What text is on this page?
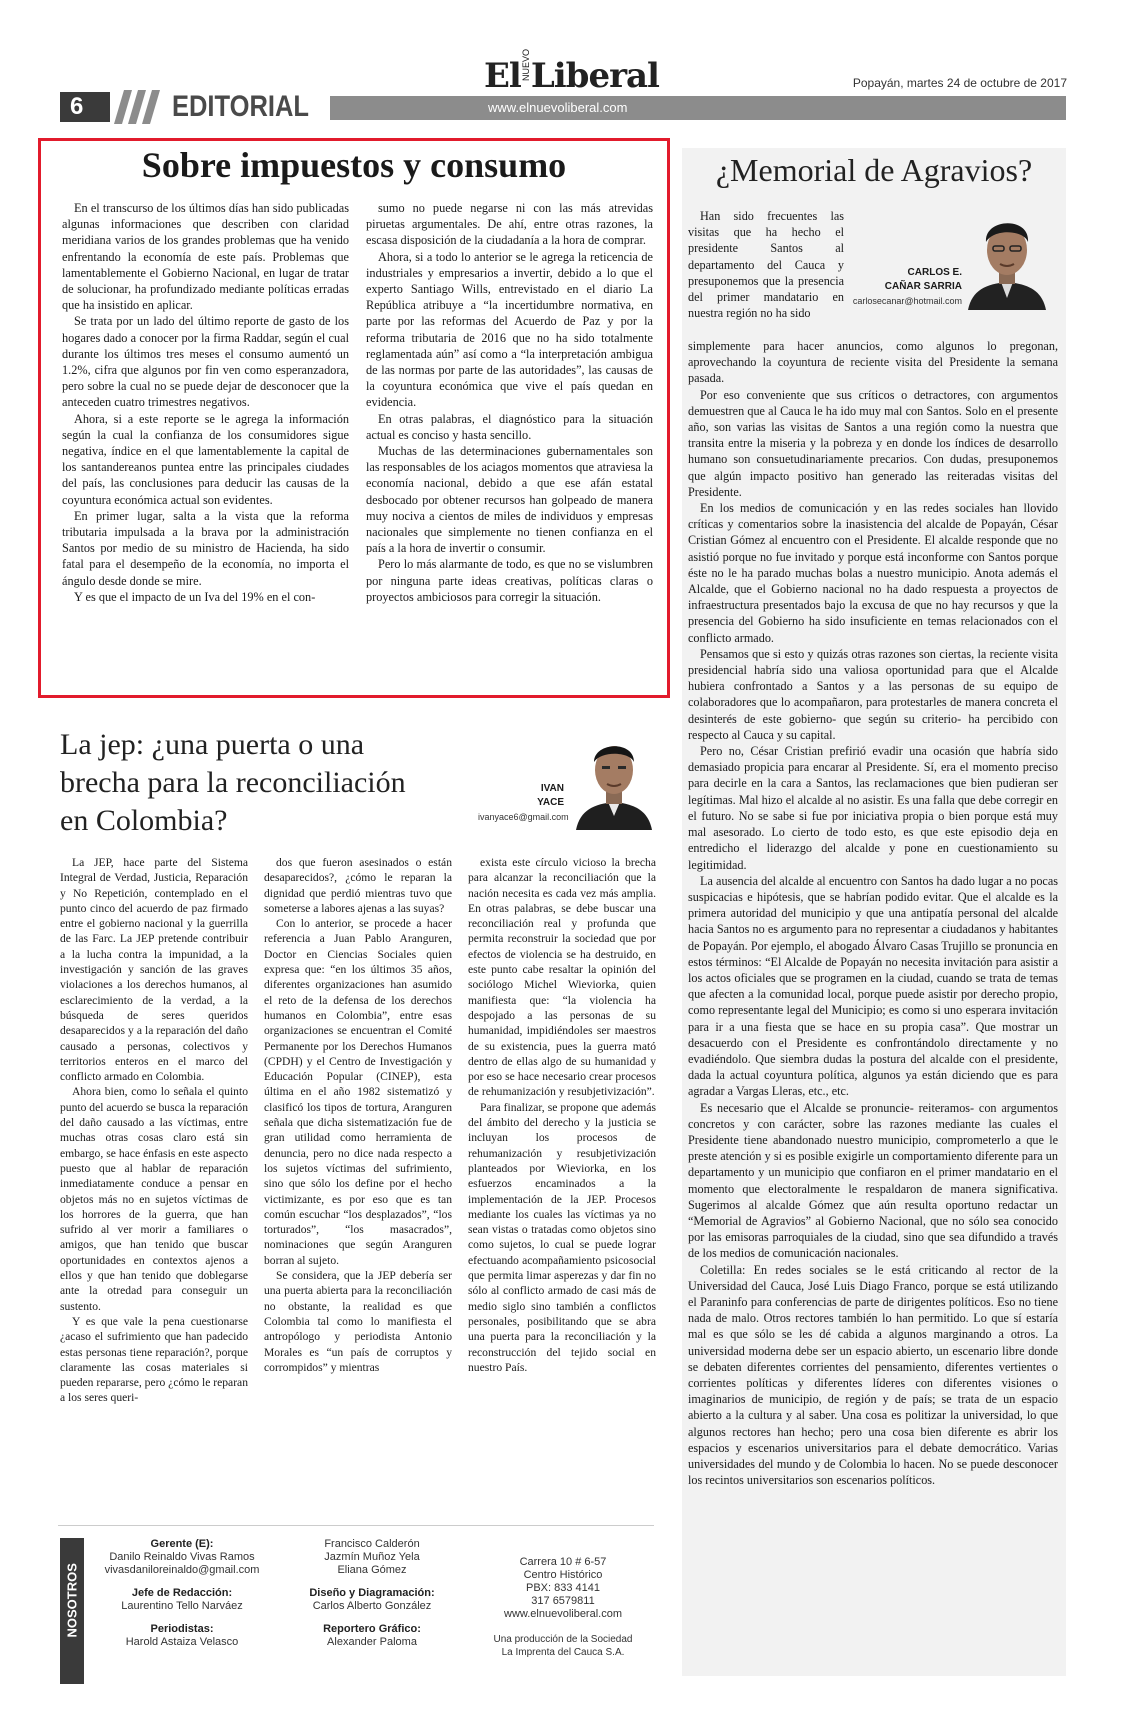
ElNUEVOLiberal	Popayán, martes 24 de octubre de 2017
6	EDITORIAL	www.elnuevoliberal.com
Sobre impuestos y consumo

En el transcurso de los últimos días han sido publicadas algunas informaciones que describen con claridad meridiana varios de los grandes problemas que ha venido enfrentando la economía de este país. Problemas que lamentablemente el Gobierno Nacional, en lugar de tratar de solucionar, ha profundizado mediante políticas erradas que ha insistido en aplicar.

Se trata por un lado del último reporte de gasto de los hogares dado a conocer por la firma Raddar, según el cual durante los últimos tres meses el consumo aumentó un 1.2%, cifra que algunos por fin ven como esperanzadora, pero sobre la cual no se puede dejar de desconocer que la anteceden cuatro trimestres negativos.

Ahora, si a este reporte se le agrega la información según la cual la confianza de los consumidores sigue negativa, índice en el que lamentablemente la capital de los santandereanos puntea entre las principales ciudades del país, las conclusiones para deducir las causas de la coyuntura económica actual son evidentes.

En primer lugar, salta a la vista que la reforma tributaria impulsada a la brava por la administración Santos por medio de su ministro de Hacienda, ha sido fatal para el desempeño de la economía, no importa el ángulo desde donde se mire.

Y es que el impacto de un Iva del 19% en el con-

sumo no puede negarse ni con las más atrevidas piruetas argumentales. De ahí, entre otras razones, la escasa disposición de la ciudadanía a la hora de comprar.

Ahora, si a todo lo anterior se le agrega la reticencia de industriales y empresarios a invertir, debido a lo que el experto Santiago Wills, entrevistado en el diario La República atribuye a “la incertidumbre normativa, en parte por las reformas del Acuerdo de Paz y por la reforma tributaria de 2016 que no ha sido totalmente reglamentada aún” así como a “la interpretación ambigua de las normas por parte de las autoridades”, las causas de la coyuntura económica que vive el país quedan en evidencia.

En otras palabras, el diagnóstico para la situación actual es conciso y hasta sencillo.

Muchas de las determinaciones gubernamentales son las responsables de los aciagos momentos que atraviesa la economía nacional, debido a que ese afán estatal desbocado por obtener recursos han golpeado de manera muy nociva a cientos de miles de individuos y empresas nacionales que simplemente no tienen confianza en el país a la hora de invertir o consumir.

Pero lo más alarmante de todo, es que no se vislumbren por ninguna parte ideas creativas, políticas claras o proyectos ambiciosos para corregir la situación.

La jep: ¿una puerta o una
brecha para la reconciliación
en Colombia?
IVAN
YACE
ivanyace6@gmail.com

La JEP, hace parte del Sistema Integral de Verdad, Justicia, Reparación y No Repetición, contemplado en el punto cinco del acuerdo de paz firmado entre el gobierno nacional y la guerrilla de las Farc. La JEP pretende contribuir a la lucha contra la impunidad, a la investigación y sanción de las graves violaciones a los derechos humanos, al esclarecimiento de la verdad, a la búsqueda de seres queridos desaparecidos y a la reparación del daño causado a personas, colectivos y territorios enteros en el marco del conflicto armado en Colombia.

Ahora bien, como lo señala el quinto punto del acuerdo se busca la reparación del daño causado a las víctimas, entre muchas otras cosas claro está sin embargo, se hace énfasis en este aspecto puesto que al hablar de reparación inmediatamente conduce a pensar en objetos más no en sujetos víctimas de los horrores de la guerra, que han sufrido al ver morir a familiares o amigos, que han tenido que buscar oportunidades en contextos ajenos a ellos y que han tenido que doblegarse ante la otredad para conseguir un sustento.

Y es que vale la pena cuestionarse ¿acaso el sufrimiento que han padecido estas personas tiene reparación?, porque claramente las cosas materiales si pueden repararse, pero ¿cómo le reparan a los seres queri-

dos que fueron asesinados o están desaparecidos?, ¿cómo le reparan la dignidad que perdió mientras tuvo que someterse a labores ajenas a las suyas?

Con lo anterior, se procede a hacer referencia a Juan Pablo Aranguren, Doctor en Ciencias Sociales quien expresa que: “en los últimos 35 años, diferentes organizaciones han asumido el reto de la defensa de los derechos humanos en Colombia”, entre esas organizaciones se encuentran el Comité Permanente por los Derechos Humanos (CPDH) y el Centro de Investigación y Educación Popular (CINEP), esta última en el año 1982 sistematizó y clasificó los tipos de tortura, Aranguren señala que dicha sistematización fue de gran utilidad como herramienta de denuncia, pero no dice nada respecto a los sujetos víctimas del sufrimiento, sino que sólo los define por el hecho victimizante, es por eso que es tan común escuchar “los desplazados”, “los torturados”, “los masacrados”, nominaciones que según Aranguren borran al sujeto.

Se considera, que la JEP debería ser una puerta abierta para la reconciliación no obstante, la realidad es que Colombia tal como lo manifiesta el antropólogo y periodista Antonio Morales es “un país de corruptos y corrompidos” y mientras

exista este círculo vicioso la brecha para alcanzar la reconciliación que la nación necesita es cada vez más amplia. En otras palabras, se debe buscar una reconciliación real y profunda que permita reconstruir la sociedad que por efectos de violencia se ha destruido, en este punto cabe resaltar la opinión del sociólogo Michel Wieviorka, quien manifiesta que: “la violencia ha despojado a las personas de su humanidad, impidiéndoles ser maestros de su existencia, pues la guerra mató dentro de ellas algo de su humanidad y por eso se hace necesario crear procesos de rehumanización y resubjetivización”.

Para finalizar, se propone que además del ámbito del derecho y la justicia se incluyan los procesos de rehumanización y resubjetivización planteados por Wieviorka, en los esfuerzos encaminados a la implementación de la JEP. Procesos mediante los cuales las víctimas ya no sean vistas o tratadas como objetos sino como sujetos, lo cual se puede lograr efectuando acompañamiento psicosocial que permita limar asperezas y dar fin no sólo al conflicto armado de casi más de medio siglo sino también a conflictos personales, posibilitando que se abra una puerta para la reconciliación y la reconstrucción del tejido social en nuestro País.

¿Memorial de Agravios?

Han sido frecuentes las visitas que ha hecho el presidente Santos al departamento del Cauca y presuponemos que la presencia del primer mandatario en nuestra región no ha sido

CARLOS E.
CAÑAR SARRIA
carlosecanar@hotmail.com

simplemente para hacer anuncios, como algunos lo pregonan, aprovechando la coyuntura de reciente visita del Presidente la semana pasada.

Por eso conveniente que sus críticos o detractores, con argumentos demuestren que al Cauca le ha ido muy mal con Santos. Solo en el presente año, son varias las visitas de Santos a una región como la nuestra que transita entre la miseria y la pobreza y en donde los índices de desarrollo humano son consuetudinariamente precarios. Con dudas, presuponemos que algún impacto positivo han generado las reiteradas visitas del Presidente.

En los medios de comunicación y en las redes sociales han llovido críticas y comentarios sobre la inasistencia del alcalde de Popayán, César Cristian Gómez al encuentro con el Presidente. El alcalde responde que no asistió porque no fue invitado y porque está inconforme con Santos porque éste no le ha parado muchas bolas a nuestro municipio. Anota además el Alcalde, que el Gobierno nacional no ha dado respuesta a proyectos de infraestructura presentados bajo la excusa de que no hay recursos y que la presencia del Gobierno ha sido insuficiente en temas relacionados con el conflicto armado.

Pensamos que si esto y quizás otras razones son ciertas, la reciente visita presidencial habría sido una valiosa oportunidad para que el Alcalde hubiera confrontado a Santos y a las personas de su equipo de colaboradores que lo acompañaron, para protestarles de manera concreta el desinterés de este gobierno- que según su criterio- ha percibido con respecto al Cauca y su capital.

Pero no, César Cristian prefirió evadir una ocasión que habría sido demasiado propicia para encarar al Presidente. Sí, era el momento preciso para decirle en la cara a Santos, las reclamaciones que bien pudieran ser legítimas. Mal hizo el alcalde al no asistir. Es una falla que debe corregir en el futuro. No se sabe si fue por iniciativa propia o bien porque está muy mal asesorado. Lo cierto de todo esto, es que este episodio deja en entredicho el liderazgo del alcalde y pone en cuestionamiento su legitimidad.

La ausencia del alcalde al encuentro con Santos ha dado lugar a no pocas suspicacias e hipótesis, que se habrían podido evitar. Que el alcalde es la primera autoridad del municipio y que una antipatía personal del alcalde hacia Santos no es argumento para no representar a ciudadanos y habitantes de Popayán. Por ejemplo, el abogado Álvaro Casas Trujillo se pronuncia en estos términos: “El Alcalde de Popayán no necesita invitación para asistir a los actos oficiales que se programen en la ciudad, cuando se trata de temas que afecten a la comunidad local, porque puede asistir por derecho propio, como representante legal del Municipio; es como si uno esperara invitación para ir a una fiesta que se hace en su propia casa”. Que mostrar un desacuerdo con el Presidente es confrontándolo directamente y no evadiéndolo. Que siembra dudas la postura del alcalde con el presidente, dada la actual coyuntura política, algunos ya están diciendo que es para agradar a Vargas Lleras, etc., etc.

Es necesario que el Alcalde se pronuncie- reiteramos- con argumentos concretos y con carácter, sobre las razones mediante las cuales el Presidente tiene abandonado nuestro municipio, comprometerlo a que le preste atención y si es posible exigirle un comportamiento diferente para un departamento y un municipio que confiaron en el primer mandatario en el momento que electoralmente le respaldaron de manera significativa. Sugerimos al alcalde Gómez que aún resulta oportuno redactar un “Memorial de Agravios” al Gobierno Nacional, que no sólo sea conocido por las emisoras parroquiales de la ciudad, sino que sea difundido a través de los medios de comunicación nacionales.

Coletilla: En redes sociales se le está criticando al rector de la Universidad del Cauca, José Luis Diago Franco, porque se está utilizando el Paraninfo para conferencias de parte de dirigentes políticos. Eso no tiene nada de malo. Otros rectores también lo han permitido. Lo que sí estaría mal es que sólo se les dé cabida a algunos marginando a otros. La universidad moderna debe ser un espacio abierto, un escenario libre donde se debaten diferentes corrientes del pensamiento, diferentes vertientes o corrientes políticas y diferentes líderes con diferentes visiones o imaginarios de municipio, de región y de país; se trata de un espacio abierto a la cultura y al saber. Una cosa es politizar la universidad, lo que algunos rectores han hecho; pero una cosa bien diferente es abrir los espacios y escenarios universitarios para el debate democrático. Varias universidades del mundo y de Colombia lo hacen. No se puede desconocer los recintos universitarios son escenarios políticos.

NOSOTROS
Gerente (E):
Danilo Reinaldo Vivas Ramos
vivasdaniloreinaldo@gmail.com
Jefe de Redacción:
Laurentino Tello Narváez
Periodistas:
Harold Astaiza Velasco
Francisco Calderón
Jazmín Muñoz Yela
Eliana Gómez
Diseño y Diagramación:
Carlos Alberto González
Reportero Gráfico:
Alexander Paloma
Carrera 10 # 6-57
Centro Histórico
PBX: 833 4141
317 6579811
www.elnuevoliberal.com
Una producción de la Sociedad
La Imprenta del Cauca S.A.
